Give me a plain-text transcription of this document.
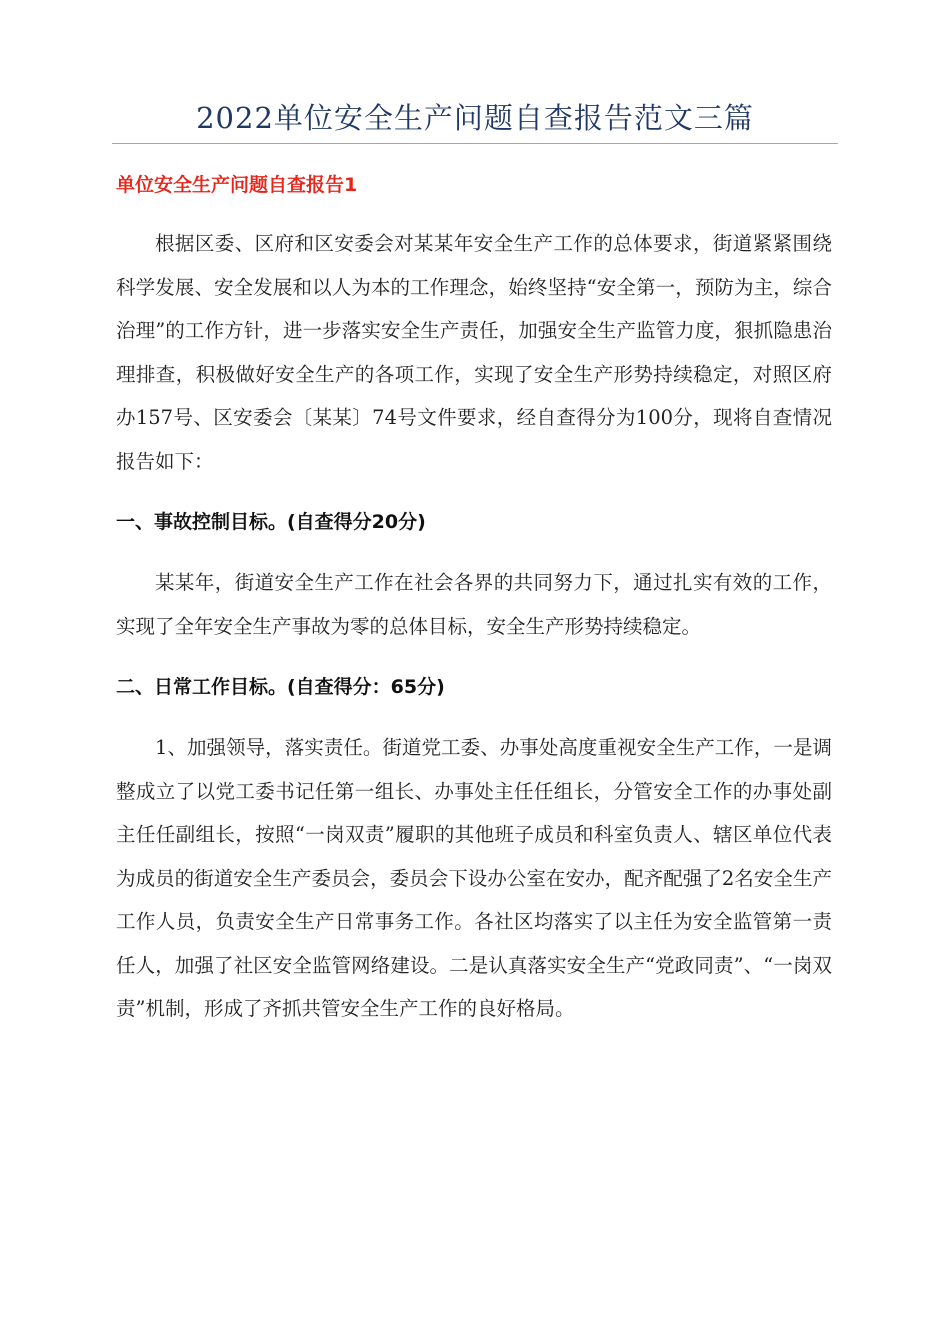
2022单位安全生产问题自查报告范文三篇

单位安全生产问题自查报告1

根据区委、区府和区安委会对某某年安全生产工作的总体要求，街道紧紧围绕科学发展、安全发展和以人为本的工作理念，始终坚持“安全第一，预防为主，综合治理”的工作方针，进一步落实安全生产责任，加强安全生产监管力度，狠抓隐患治理排查，积极做好安全生产的各项工作，实现了安全生产形势持续稳定，对照区府办157号、区安委会〔某某〕74号文件要求，经自查得分为100分，现将自查情况报告如下：

一、事故控制目标。(自查得分20分)

某某年，街道安全生产工作在社会各界的共同努力下，通过扎实有效的工作，实现了全年安全生产事故为零的总体目标，安全生产形势持续稳定。

二、日常工作目标。(自查得分：65分)

1、加强领导，落实责任。街道党工委、办事处高度重视安全生产工作，一是调整成立了以党工委书记任第一组长、办事处主任任组长，分管安全工作的办事处副主任任副组长，按照“一岗双责”履职的其他班子成员和科室负责人、辖区单位代表为成员的街道安全生产委员会，委员会下设办公室在安办，配齐配强了2名安全生产工作人员，负责安全生产日常事务工作。各社区均落实了以主任为安全监管第一责任人，加强了社区安全监管网络建设。二是认真落实安全生产“党政同责”、“一岗双责”机制，形成了齐抓共管安全生产工作的良好格局。
